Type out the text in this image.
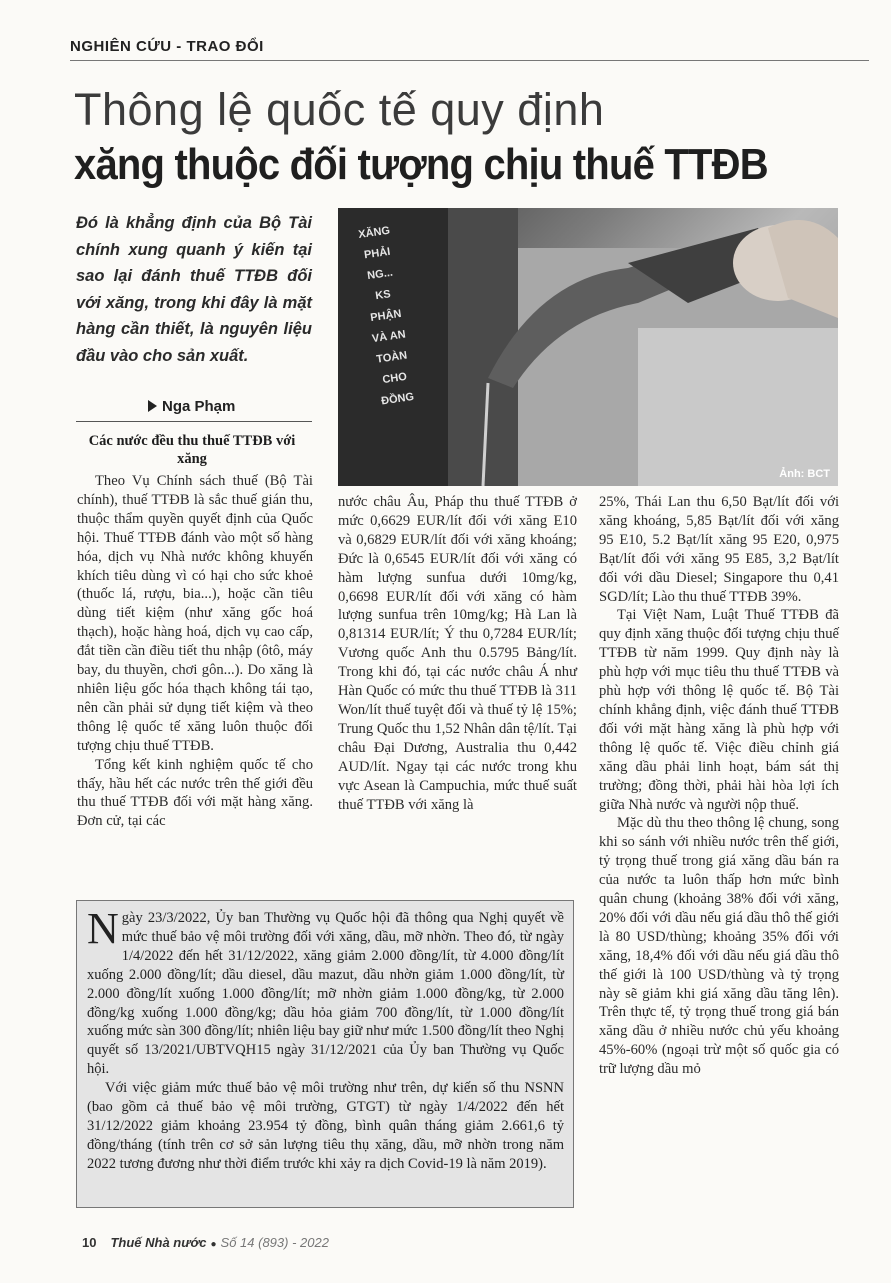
NGHIÊN CỨU - TRAO ĐỔI
Thông lệ quốc tế quy định
xăng thuộc đối tượng chịu thuế TTĐB
Đó là khẳng định của Bộ Tài chính xung quanh ý kiến tại sao lại đánh thuế TTĐB đối với xăng, trong khi đây là mặt hàng cần thiết, là nguyên liệu đầu vào cho sản xuất.
Nga Phạm
XĂNG PHẢI NG... KS PHẬN VÀ AN TOÀN CHO ĐỒNG
Ảnh: BCT
Các nước đều thu thuế TTĐB với xăng

Theo Vụ Chính sách thuế (Bộ Tài chính), thuế TTĐB là sắc thuế gián thu, thuộc thẩm quyền quyết định của Quốc hội. Thuế TTĐB đánh vào một số hàng hóa, dịch vụ Nhà nước không khuyến khích tiêu dùng vì có hại cho sức khoẻ (thuốc lá, rượu, bia...), hoặc cần tiêu dùng tiết kiệm (như xăng gốc hoá thạch), hoặc hàng hoá, dịch vụ cao cấp, đắt tiền cần điều tiết thu nhập (ôtô, máy bay, du thuyền, chơi gôn...). Do xăng là nhiên liệu gốc hóa thạch không tái tạo, nên cần phải sử dụng tiết kiệm và theo thông lệ quốc tế xăng luôn thuộc đối tượng chịu thuế TTĐB.

Tổng kết kinh nghiệm quốc tế cho thấy, hầu hết các nước trên thế giới đều thu thuế TTĐB đối với mặt hàng xăng. Đơn cử, tại các

nước châu Âu, Pháp thu thuế TTĐB ở mức 0,6629 EUR/lít đối với xăng E10 và 0,6829 EUR/lít đối với xăng khoáng; Đức là 0,6545 EUR/lít đối với xăng có hàm lượng sunfua dưới 10mg/kg, 0,6698 EUR/lít đối với xăng có hàm lượng sunfua trên 10mg/kg; Hà Lan là 0,81314 EUR/lít; Ý thu 0,7284 EUR/lít; Vương quốc Anh thu 0.5795 Bảng/lít. Trong khi đó, tại các nước châu Á như Hàn Quốc có mức thu thuế TTĐB là 311 Won/lít thuế tuyệt đối và thuế tỷ lệ 15%; Trung Quốc thu 1,52 Nhân dân tệ/lít. Tại châu Đại Dương, Australia thu 0,442 AUD/lít. Ngay tại các nước trong khu vực Asean là Campuchia, mức thuế suất thuế TTĐB với xăng là

25%, Thái Lan thu 6,50 Bạt/lít đối với xăng khoáng, 5,85 Bạt/lít đối với xăng 95 E10, 5.2 Bạt/lít xăng 95 E20, 0,975 Bạt/lít đối với xăng 95 E85, 3,2 Bạt/lít đối với dầu Diesel; Singapore thu 0,41 SGD/lít; Lào thu thuế TTĐB 39%.

Tại Việt Nam, Luật Thuế TTĐB đã quy định xăng thuộc đối tượng chịu thuế TTĐB từ năm 1999. Quy định này là phù hợp với mục tiêu thu thuế TTĐB và phù hợp với thông lệ quốc tế. Bộ Tài chính khẳng định, việc đánh thuế TTĐB đối với mặt hàng xăng là phù hợp với thông lệ quốc tế. Việc điều chỉnh giá xăng dầu phải linh hoạt, bám sát thị trường; đồng thời, phải hài hòa lợi ích giữa Nhà nước và người nộp thuế.

Mặc dù thu theo thông lệ chung, song khi so sánh với nhiều nước trên thế giới, tỷ trọng thuế trong giá xăng dầu bán ra của nước ta luôn thấp hơn mức bình quân chung (khoảng 38% đối với xăng, 20% đối với dầu nếu giá dầu thô thế giới là 80 USD/thùng; khoảng 35% đối với xăng, 18,4% đối với dầu nếu giá dầu thô thế giới là 100 USD/thùng và tỷ trọng này sẽ giảm khi giá xăng dầu tăng lên). Trên thực tế, tỷ trọng thuế trong giá bán xăng dầu ở nhiều nước chủ yếu khoảng 45%-60% (ngoại trừ một số quốc gia có trữ lượng dầu mỏ

Ngày 23/3/2022, Ủy ban Thường vụ Quốc hội đã thông qua Nghị quyết về mức thuế bảo vệ môi trường đối với xăng, dầu, mỡ nhờn. Theo đó, từ ngày 1/4/2022 đến hết 31/12/2022, xăng giảm 2.000 đồng/lít, từ 4.000 đồng/lít xuống 2.000 đồng/lít; dầu diesel, dầu mazut, dầu nhờn giảm 1.000 đồng/lít, từ 2.000 đồng/lít xuống 1.000 đồng/lít; mỡ nhờn giảm 1.000 đồng/kg, từ 2.000 đồng/kg xuống 1.000 đồng/kg; dầu hỏa giảm 700 đồng/lít, từ 1.000 đồng/lít xuống mức sàn 300 đồng/lít; nhiên liệu bay giữ như mức 1.500 đồng/lít theo Nghị quyết số 13/2021/UBTVQH15 ngày 31/12/2021 của Ủy ban Thường vụ Quốc hội.

Với việc giảm mức thuế bảo vệ môi trường như trên, dự kiến số thu NSNN (bao gồm cả thuế bảo vệ môi trường, GTGT) từ ngày 1/4/2022 đến hết 31/12/2022 giảm khoảng 23.954 tỷ đồng, bình quân tháng giảm 2.661,6 tỷ đồng/tháng (tính trên cơ sở sản lượng tiêu thụ xăng, dầu, mỡ nhờn trong năm 2022 tương đương như thời điểm trước khi xảy ra dịch Covid-19 là năm 2019).

10 Thuế Nhà nước ● Số 14 (893) - 2022
